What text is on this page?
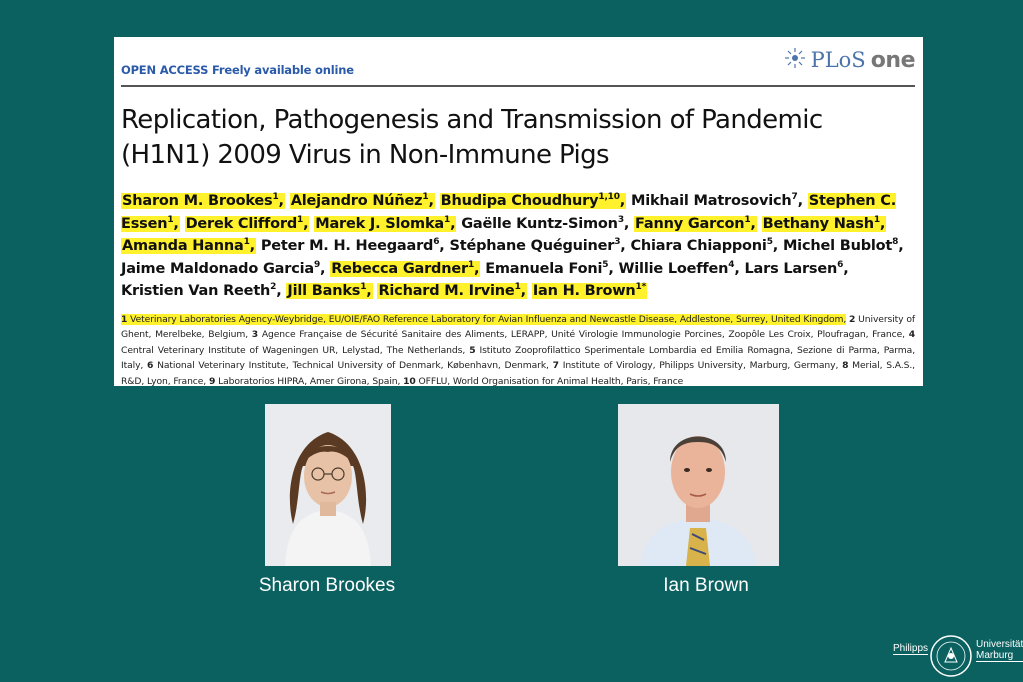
OPEN ACCESS Freely available online	PLoS one
Replication, Pathogenesis and Transmission of Pandemic
(H1N1) 2009 Virus in Non-Immune Pigs
Sharon M. Brookes$^1$, Alejandro Núñez$^1$, Bhudipa Choudhury$^{1,10}$, Mikhail Matrosovich$^7$, Stephen C. Essen$^1$, Derek Clifford$^1$, Marek J. Slomka$^1$, Gaëlle Kuntz-Simon$^3$, Fanny Garcon$^1$, Bethany Nash$^1$, Amanda Hanna$^1$, Peter M. H. Heegaard$^6$, Stéphane Quéguiner$^3$, Chiara Chiapponi$^5$, Michel Bublot$^8$, Jaime Maldonado Garcia$^9$, Rebecca Gardner$^1$, Emanuela Foni$^5$, Willie Loeffen$^4$, Lars Larsen$^6$, Kristien Van Reeth$^2$, Jill Banks$^1$, Richard M. Irvine$^1$, Ian H. Brown$^{1*}$
1 Veterinary Laboratories Agency-Weybridge, EU/OIE/FAO Reference Laboratory for Avian Influenza and Newcastle Disease, Addlestone, Surrey, United Kingdom, 2 University of Ghent, Merelbeke, Belgium, 3 Agence Française de Sécurité Sanitaire des Aliments, LERAPP, Unité Virologie Immunologie Porcines, Zoopôle Les Croix, Ploufragan, France, 4 Central Veterinary Institute of Wageningen UR, Lelystad, The Netherlands, 5 Istituto Zooprofilattico Sperimentale Lombardia ed Emilia Romagna, Sezione di Parma, Parma, Italy, 6 National Veterinary Institute, Technical University of Denmark, København, Denmark, 7 Institute of Virology, Philipps University, Marburg, Germany, 8 Merial, S.A.S., R&D, Lyon, France, 9 Laboratorios HIPRA, Amer Girona, Spain, 10 OFFLU, World Organisation for Animal Health, Paris, France
Sharon Brookes	Ian Brown
Philipps	Universität
Marburg
